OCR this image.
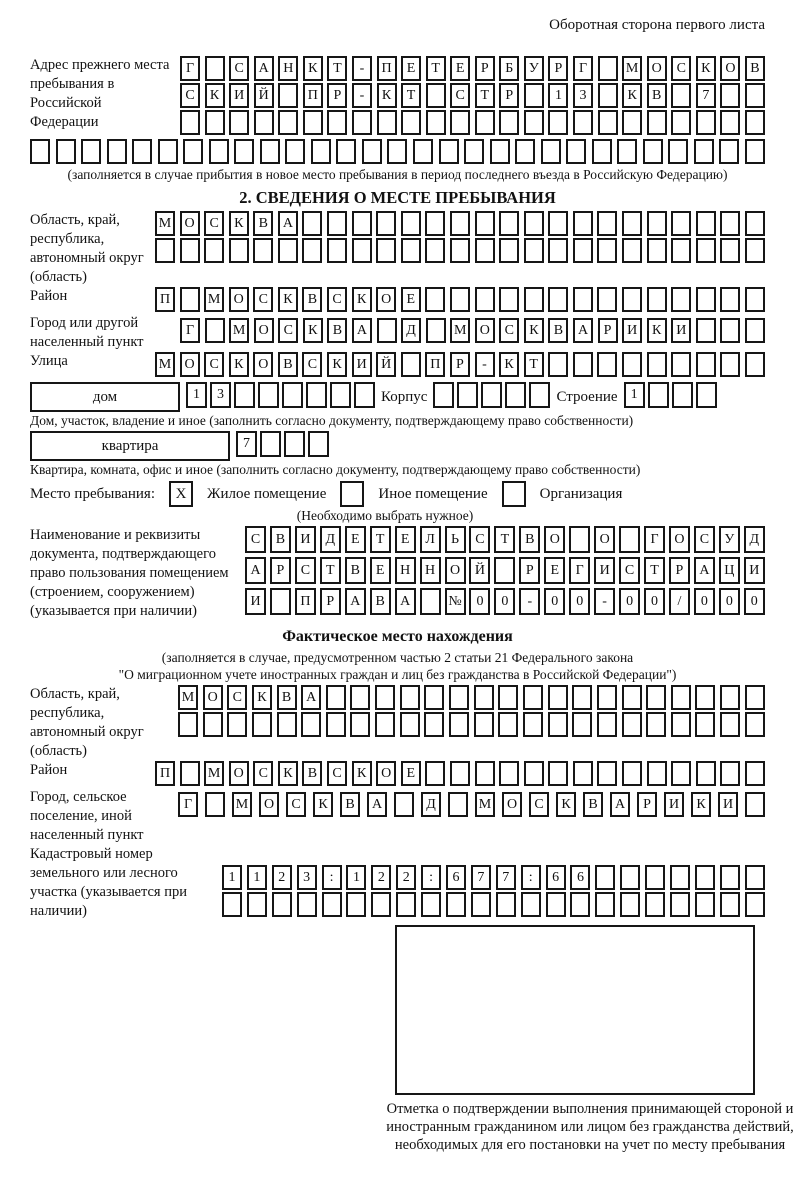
Оборотная сторона первого листа
Адрес прежнего места пребывания в Российской Федерации
Г	С	А	Н	К	Т	-	П	Е	Т	Е	Р	Б	У	Р	Г	М О	С	К	О	В
С	К	И	Й	П	Р	-	К	Т	С	Т	Р	1	3	К	В	7
(заполняется в случае прибытия в новое место пребывания в период последнего въезда в Российскую Федерацию)
2. СВЕДЕНИЯ О МЕСТЕ ПРЕБЫВАНИЯ
Область, край, республика, автономный округ (область)
М О	С	К	В	А
Район	П	М О	С	К	В	С	К	О	Е
Город или другой населенный пункт
Г	М О	С	К	В	А	Д	М О	С	К	В	А	Р	И	К	И
Улица	М О	С	К	О	В	С	К	И	Й	П	Р	-	К	Т
дом	1	3	Корпус	Строение 1
Дом, участок, владение и иное (заполнить согласно документу, подтверждающему право собственности)
квартира	7
Квартира, комната, офис и иное (заполнить согласно документу, подтверждающему право собственности)
Место пребывания:	X	Жилое помещение	Иное помещение	Организация
(Необходимо выбрать нужное)
Наименование и реквизиты документа, подтверждающего право пользования помещением (строением, сооружением) (указывается при наличии)
С	В	И	Д	Е	Т	Е	Л	Ь	С	Т	В	О	О	Г	О	С	У	Д
А	Р	С	Т	В	Е	Н	Н	О	Й	Р	Е	Г	И	С	Т	Р	А	Ц	И
И	П	Р	А	В	А	№	0	0	-	0	0	-	0	0	/	0	0	0
Фактическое место нахождения
(заполняется в случае, предусмотренном частью 2 статьи 21 Федерального закона
"О миграционном учете иностранных граждан и лиц без гражданства в Российской Федерации")
Область, край, республика, автономный округ (область)
М О	С	К	В	А
Район	П	М О	С	К	В	С	К	О	Е
Город, сельское поселение, иной населенный пункт
Г	М	О	С	К	В	А	Д	М	О	С	К	В	А	Р	И	К	И
Кадастровый номер земельного или лесного участка (указывается при наличии)
1	1	2	3	:	1	2	2	:	6	7	7	:	6	6
Отметка о подтверждении выполнения принимающей стороной и иностранным гражданином или лицом без гражданства действий, необходимых для его постановки на учет по месту пребывания
